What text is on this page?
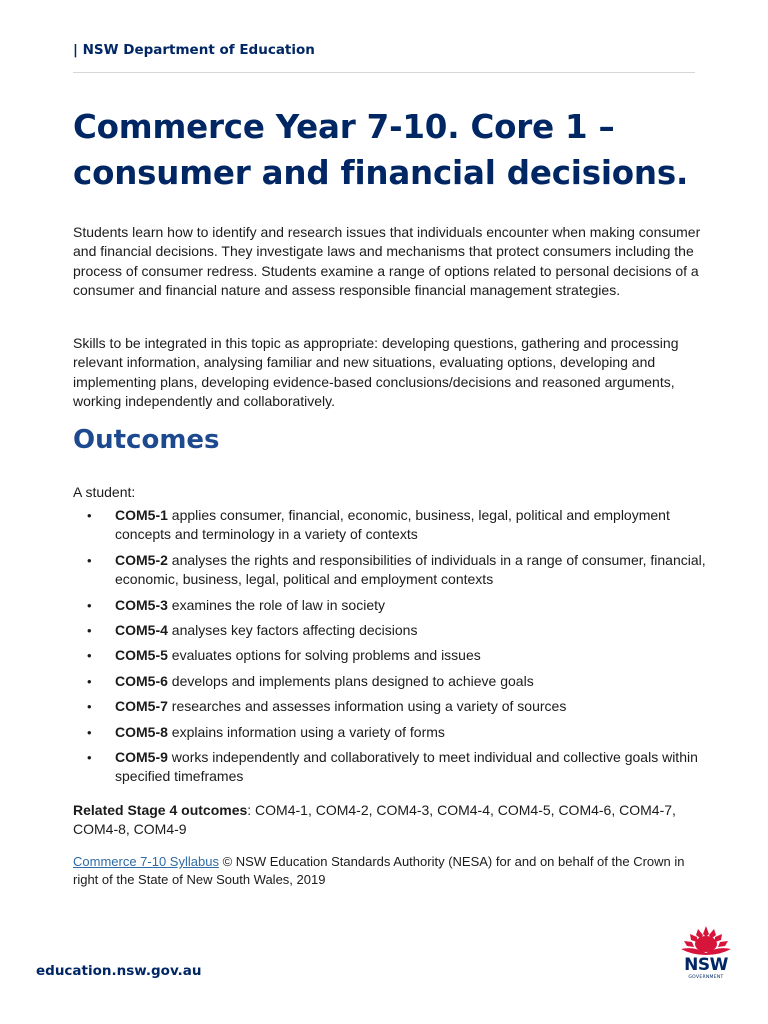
| NSW Department of Education
Commerce Year 7-10. Core 1 – consumer and financial decisions.

Students learn how to identify and research issues that individuals encounter when making consumer and financial decisions. They investigate laws and mechanisms that protect consumers including the process of consumer redress. Students examine a range of options related to personal decisions of a consumer and financial nature and assess responsible financial management strategies.

Skills to be integrated in this topic as appropriate: developing questions, gathering and processing relevant information, analysing familiar and new situations, evaluating options, developing and implementing plans, developing evidence-based conclusions/decisions and reasoned arguments, working independently and collaboratively.

Outcomes

A student:

• COM5-1 applies consumer, financial, economic, business, legal, political and employment concepts and terminology in a variety of contexts
• COM5-2 analyses the rights and responsibilities of individuals in a range of consumer, financial, economic, business, legal, political and employment contexts
• COM5-3 examines the role of law in society
• COM5-4 analyses key factors affecting decisions
• COM5-5 evaluates options for solving problems and issues
• COM5-6 develops and implements plans designed to achieve goals
• COM5-7 researches and assesses information using a variety of sources
• COM5-8 explains information using a variety of forms
• COM5-9 works independently and collaboratively to meet individual and collective goals within specified timeframes

Related Stage 4 outcomes: COM4-1, COM4-2, COM4-3, COM4-4, COM4-5, COM4-6, COM4-7, COM4-8, COM4-9

Commerce 7-10 Syllabus © NSW Education Standards Authority (NESA) for and on behalf of the Crown in right of the State of New South Wales, 2019

education.nsw.gov.au	NSW
GOVERNMENT
